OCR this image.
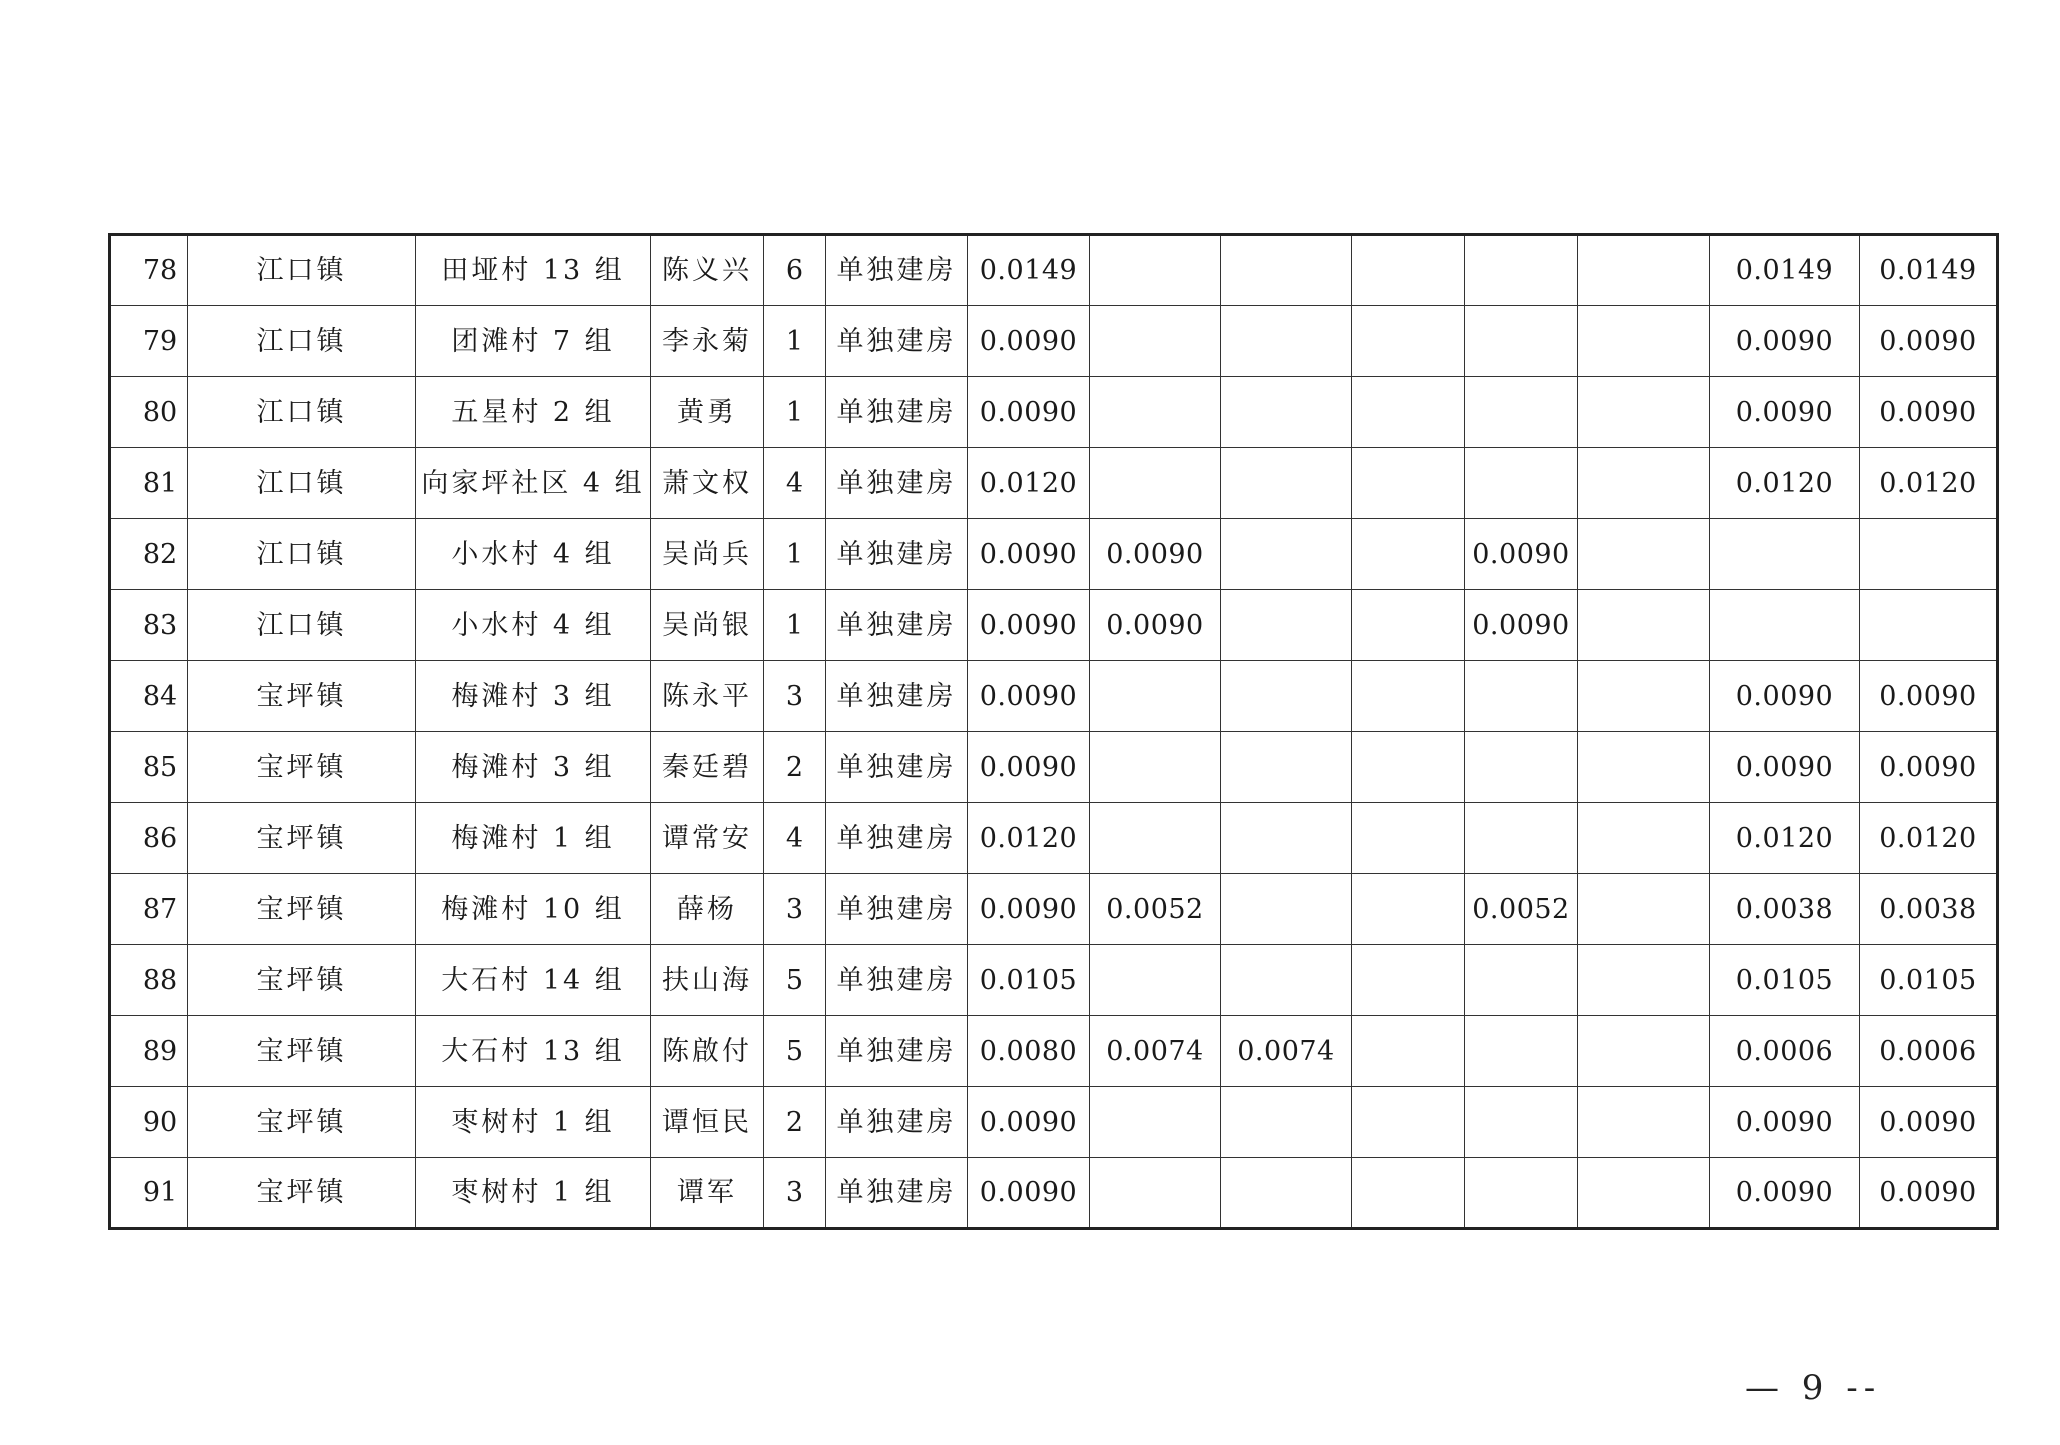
78	江口镇	田垭村 13 组	陈义兴	6	单独建房	0.0149						0.0149	0.0149
79	江口镇	团滩村 7 组	李永菊	1	单独建房	0.0090						0.0090	0.0090
80	江口镇	五星村 2 组	黄勇	1	单独建房	0.0090						0.0090	0.0090
81	江口镇	向家坪社区 4 组	萧文权	4	单独建房	0.0120						0.0120	0.0120
82	江口镇	小水村 4 组	吴尚兵	1	单独建房	0.0090	0.0090			0.0090			
83	江口镇	小水村 4 组	吴尚银	1	单独建房	0.0090	0.0090			0.0090			
84	宝坪镇	梅滩村 3 组	陈永平	3	单独建房	0.0090						0.0090	0.0090
85	宝坪镇	梅滩村 3 组	秦廷碧	2	单独建房	0.0090						0.0090	0.0090
86	宝坪镇	梅滩村 1 组	谭常安	4	单独建房	0.0120						0.0120	0.0120
87	宝坪镇	梅滩村 10 组	薛杨	3	单独建房	0.0090	0.0052			0.0052		0.0038	0.0038
88	宝坪镇	大石村 14 组	扶山海	5	单独建房	0.0105						0.0105	0.0105
89	宝坪镇	大石村 13 组	陈啟付	5	单独建房	0.0080	0.0074	0.0074				0.0006	0.0006
90	宝坪镇	枣树村 1 组	谭恒民	2	单独建房	0.0090						0.0090	0.0090
91	宝坪镇	枣树村 1 组	谭军	3	单独建房	0.0090						0.0090	0.0090
— 9 --
